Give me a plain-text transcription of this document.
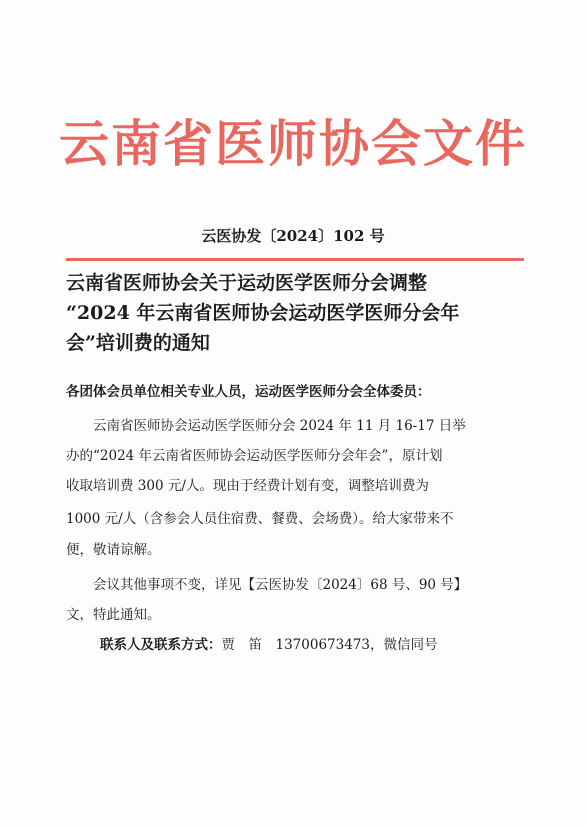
云南省医师协会文件
云医协发〔2024〕102 号
云南省医师协会关于运动医学医师分会调整
“2024 年云南省医师协会运动医学医师分会年
会”培训费的通知
各团体会员单位相关专业人员，运动医学医师分会全体委员：
　　云南省医师协会运动医学医师分会 2024 年 11 月 16-17 日举
办的“2024 年云南省医师协会运动医学医师分会年会”，原计划
收取培训费 300 元/人。现由于经费计划有变，调整培训费为
1000 元/人（含参会人员住宿费、餐费、会场费）。给大家带来不
便，敬请谅解。
　　会议其他事项不变，详见【云医协发〔2024〕68 号、90 号】
文，特此通知。
联系人及联系方式：贾　笛　13700673473，微信同号
